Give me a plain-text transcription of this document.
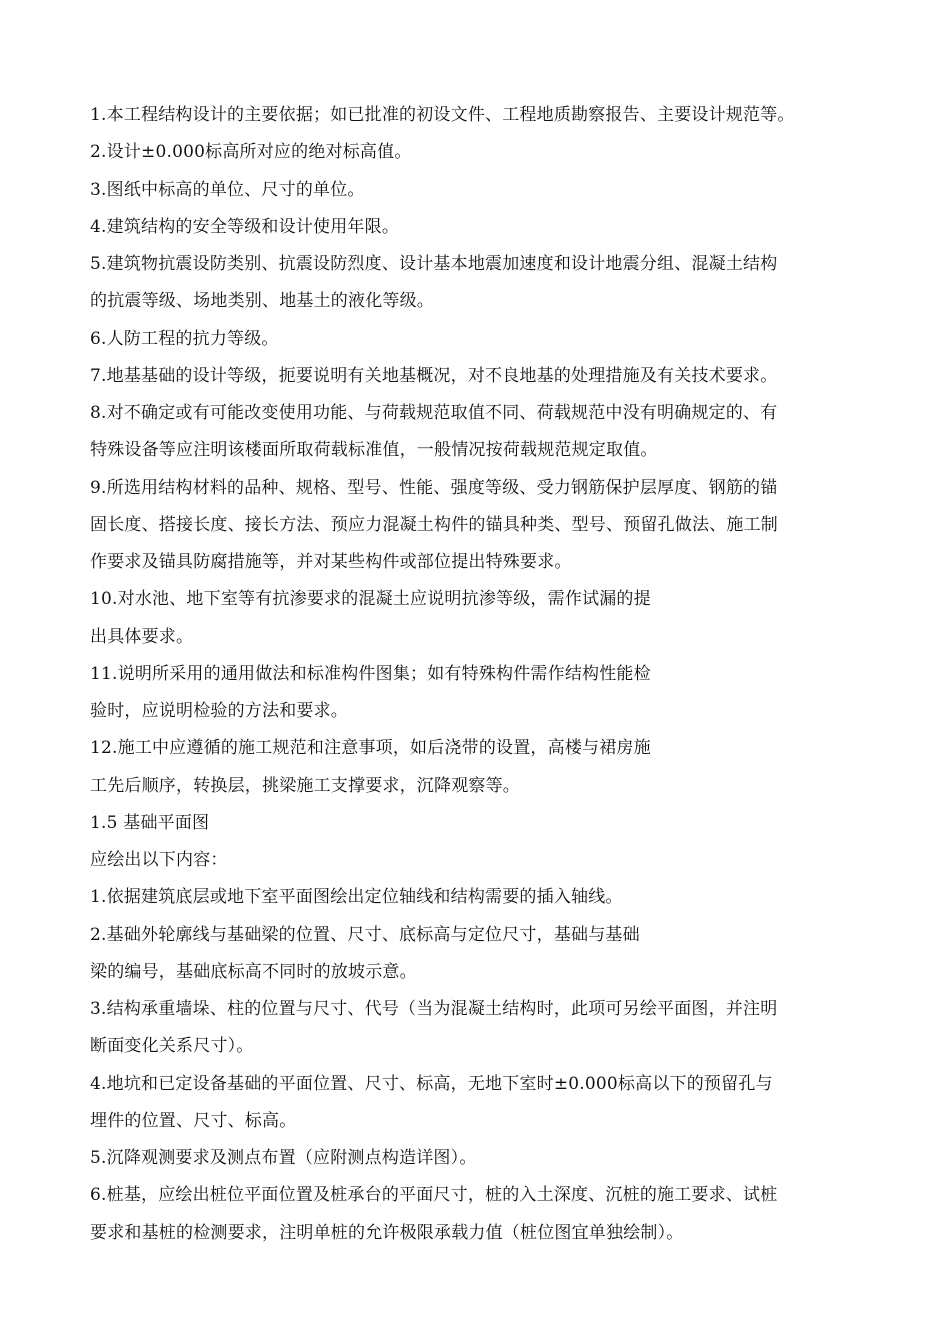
1.本工程结构设计的主要依据；如已批准的初设文件、工程地质勘察报告、主要设计规范等。
2.设计±0.000标高所对应的绝对标高值。
3.图纸中标高的单位、尺寸的单位。
4.建筑结构的安全等级和设计使用年限。
5.建筑物抗震设防类别、抗震设防烈度、设计基本地震加速度和设计地震分组、混凝土结构
的抗震等级、场地类别、地基土的液化等级。
6.人防工程的抗力等级。
7.地基基础的设计等级，扼要说明有关地基概况，对不良地基的处理措施及有关技术要求。
8.对不确定或有可能改变使用功能、与荷载规范取值不同、荷载规范中没有明确规定的、有
特殊设备等应注明该楼面所取荷载标准值，一般情况按荷载规范规定取值。
9.所选用结构材料的品种、规格、型号、性能、强度等级、受力钢筋保护层厚度、钢筋的锚
固长度、搭接长度、接长方法、预应力混凝土构件的锚具种类、型号、预留孔做法、施工制
作要求及锚具防腐措施等，并对某些构件或部位提出特殊要求。
10.对水池、地下室等有抗渗要求的混凝土应说明抗渗等级，需作试漏的提
出具体要求。
11.说明所采用的通用做法和标准构件图集；如有特殊构件需作结构性能检
验时，应说明检验的方法和要求。
12.施工中应遵循的施工规范和注意事项，如后浇带的设置，高楼与裙房施
工先后顺序，转换层，挑梁施工支撑要求，沉降观察等。
1.5 基础平面图
应绘出以下内容：
1.依据建筑底层或地下室平面图绘出定位轴线和结构需要的插入轴线。
2.基础外轮廓线与基础梁的位置、尺寸、底标高与定位尺寸，基础与基础
梁的编号，基础底标高不同时的放坡示意。
3.结构承重墙垛、柱的位置与尺寸、代号（当为混凝土结构时，此项可另绘平面图，并注明
断面变化关系尺寸）。
4.地坑和已定设备基础的平面位置、尺寸、标高，无地下室时±0.000标高以下的预留孔与
埋件的位置、尺寸、标高。
5.沉降观测要求及测点布置（应附测点构造详图）。
6.桩基，应绘出桩位平面位置及桩承台的平面尺寸，桩的入土深度、沉桩的施工要求、试桩
要求和基桩的检测要求，注明单桩的允许极限承载力值（桩位图宜单独绘制）。
